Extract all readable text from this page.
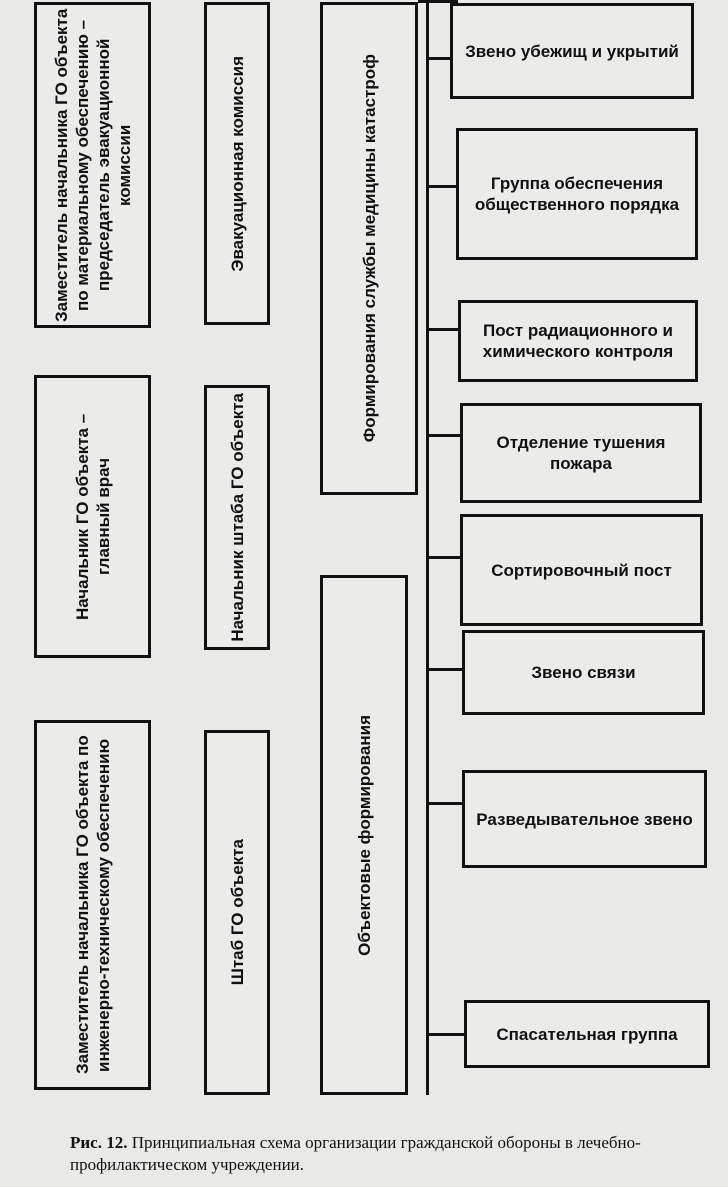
Заместитель начальника ГО объекта по материальному обеспечению – председатель эвакуационной комиссии
Начальник ГО объекта – главный врач
Заместитель начальника ГО объекта по инженерно-техническому обеспечению
Эвакуационная комиссия
Начальник штаба ГО объекта
Штаб ГО объекта
Формирования службы медицины катастроф
Объектовые формирования
Звено убежищ и укрытий
Группа обеспечения общественного порядка
Пост радиационного и химического контроля
Отделение тушения пожара
Сортировочный пост
Звено связи
Разведывательное звено
Спасательная группа
Рис. 12. Принципиальная схема организации гражданской обороны в лечебно-профилактическом учреждении.
